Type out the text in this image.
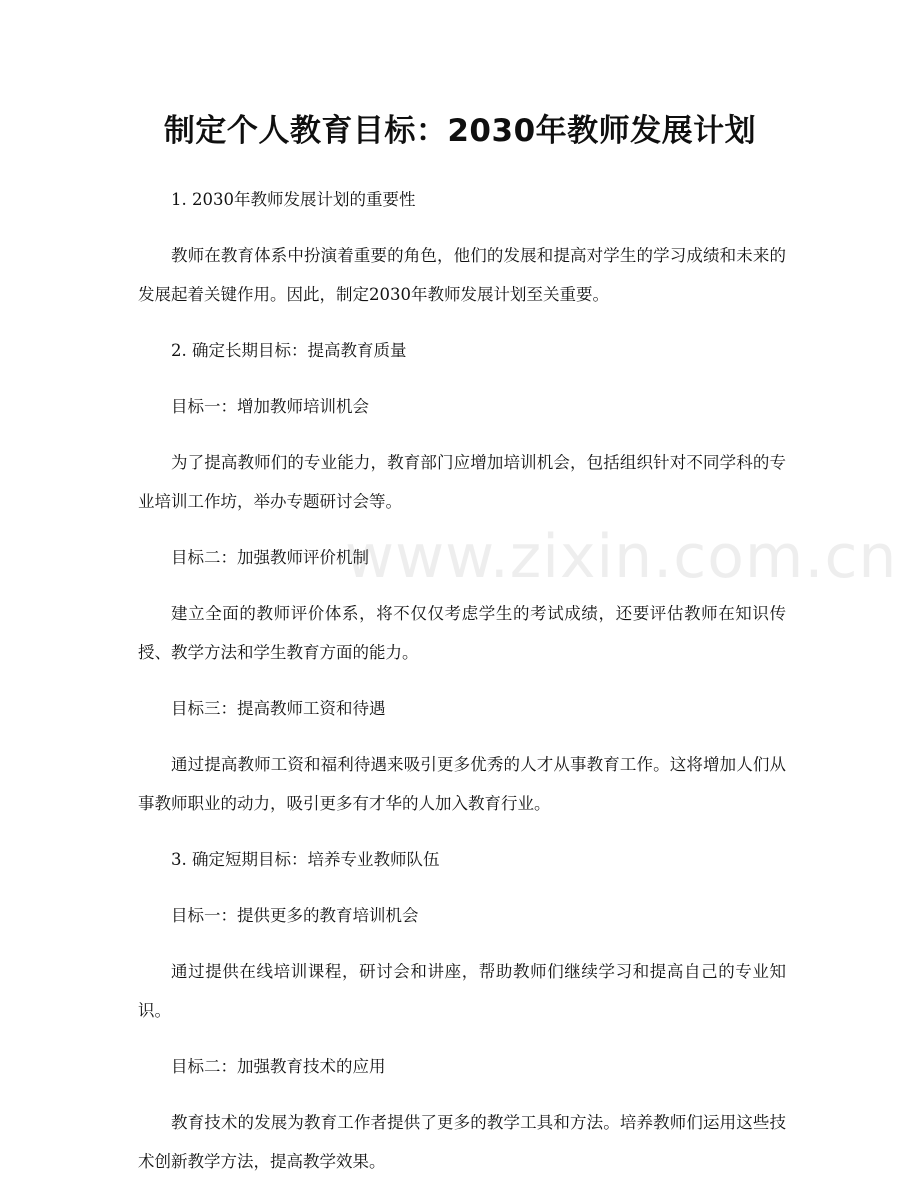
www.zixin.com.cn
制定个人教育目标：2030年教师发展计划

1. 2030年教师发展计划的重要性

教师在教育体系中扮演着重要的角色，他们的发展和提高对学生的学习成绩和未来的发展起着关键作用。因此，制定2030年教师发展计划至关重要。

2. 确定长期目标：提高教育质量

目标一：增加教师培训机会

为了提高教师们的专业能力，教育部门应增加培训机会，包括组织针对不同学科的专业培训工作坊，举办专题研讨会等。

目标二：加强教师评价机制

建立全面的教师评价体系，将不仅仅考虑学生的考试成绩，还要评估教师在知识传授、教学方法和学生教育方面的能力。

目标三：提高教师工资和待遇

通过提高教师工资和福利待遇来吸引更多优秀的人才从事教育工作。这将增加人们从事教师职业的动力，吸引更多有才华的人加入教育行业。

3. 确定短期目标：培养专业教师队伍

目标一：提供更多的教育培训机会

通过提供在线培训课程，研讨会和讲座，帮助教师们继续学习和提高自己的专业知识。

目标二：加强教育技术的应用

教育技术的发展为教育工作者提供了更多的教学工具和方法。培养教师们运用这些技术创新教学方法，提高教学效果。
